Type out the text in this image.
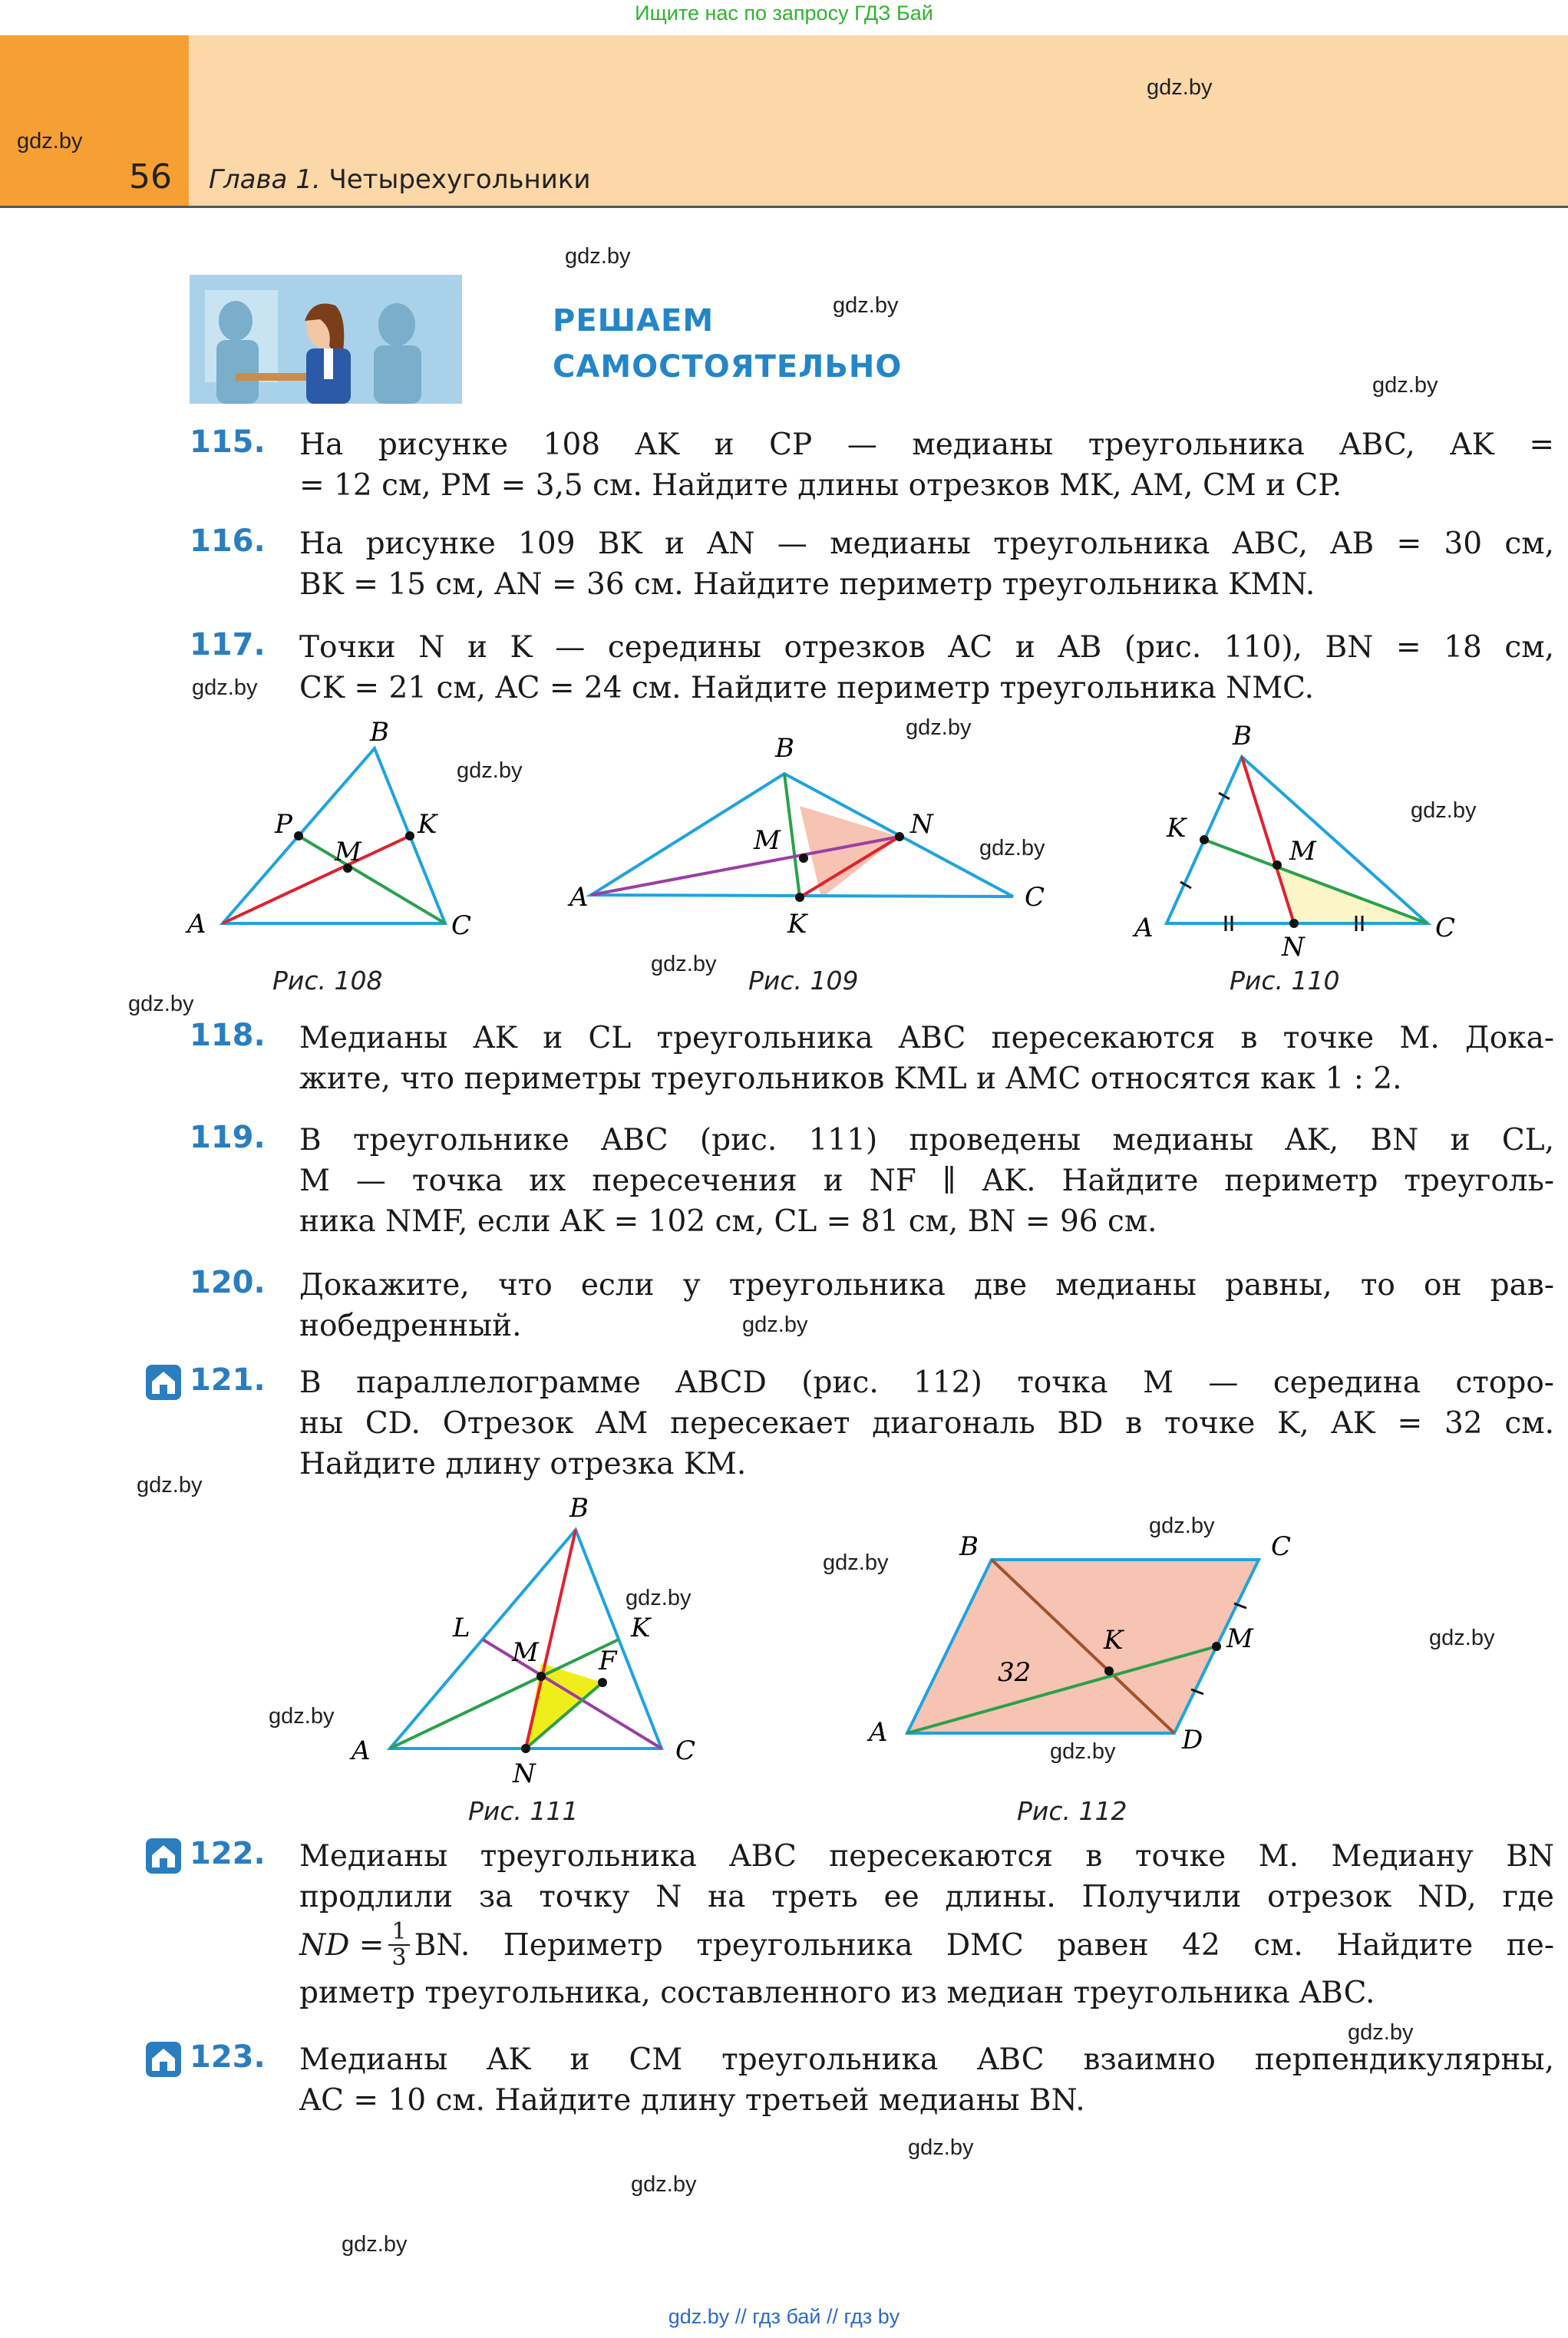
Ищите нас по запросу ГДЗ Бай
56 Глава 1. Четырехугольники
gdz.by
gdz.by
gdz.by
gdz.by
gdz.by
gdz.by
gdz.by
gdz.by
gdz.by
gdz.by
gdz.by
gdz.by
gdz.by
gdz.by
gdz.by
gdz.by
gdz.by
gdz.by
gdz.by
gdz.by
gdz.by
gdz.by
gdz.by
gdz.by
РЕШАЕМ
САМОСТОЯТЕЛЬНО
115. На рисунке 108 AK и CP — медианы треугольника ABC, AK =
= 12 см, PM = 3,5 см. Найдите длины отрезков MK, AM, CM и CP.
116. На рисунке 109 BK и AN — медианы треугольника ABC, AB = 30 см,
BK = 15 см, AN = 36 см. Найдите периметр треугольника KMN.
117. Точки N и K — середины отрезков AC и AB (рис. 110), BN = 18 см,
CK = 21 см, AC = 24 см. Найдите периметр треугольника NMC.
B
P
M
K
A	C
Рис. 108
B
M
N
A
K
C
Рис. 109
B
K
M
A
N
C
Рис. 110
118. Медианы AK и CL треугольника ABC пересекаются в точке M. Дока-
жите, что периметры треугольников KML и AMC относятся как 1 : 2.
119. В треугольнике ABC (рис. 111) проведены медианы AK, BN и CL,
M — точка их пересечения и NF ∥ AK. Найдите периметр треуголь-
ника NMF, если AK = 102 см, CL = 81 см, BN = 96 см.
120. Докажите, что если у треугольника две медианы равны, то он рав-
нобедренный.
121. В параллелограмме ABCD (рис. 112) точка M — середина сторо-
ны CD. Отрезок AM пересекает диагональ BD в точке K, AK = 32 см.
Найдите длину отрезка KM.
B
L
M
K
F
A
N
C
Рис. 111
B	C
M
K
A	D
32
Рис. 112
122. Медианы треугольника ABC пересекаются в точке M. Медиану BN
продлили за точку N на треть ее длины. Получили отрезок ND, где
ND = $\frac{1}{3}$ BN. Периметр треугольника DMC равен 42 см. Найдите пе-
риметр треугольника, составленного из медиан треугольника ABC.
123. Медианы AK и CM треугольника ABC взаимно перпендикулярны,
AC = 10 см. Найдите длину третьей медианы BN.
gdz.by // гдз бай // гдз by
